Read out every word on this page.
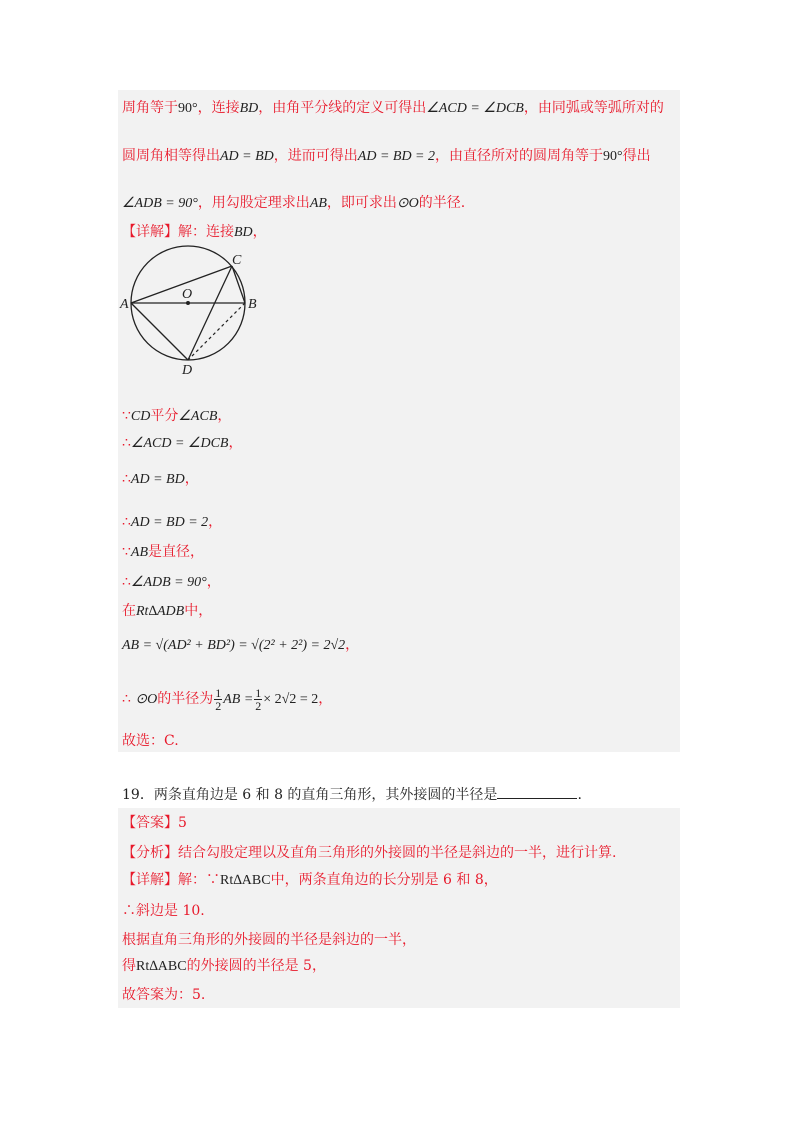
周角等于90°，连接BD，由角平分线的定义可得出∠ACD = ∠DCB，由同弧或等弧所对的
圆周角相等得出AD = BD，进而可得出AD = BD = 2，由直径所对的圆周角等于90°得出
∠ADB = 90°，用勾股定理求出AB，即可求出⊙O的半径.
【详解】解：连接BD，
A	B
C
D
O
∵CD平分∠ACB，
∴∠ACD = ∠DCB，
∴AD = BD，
∴AD = BD = 2，
∵AB是直径，
∴∠ADB = 90°，
在Rt∆ADB中，
AB = √(AD² + BD²) = √(2² + 2²) = 2√2，
∴ ⊙O的半径为 $\frac{1}{2}$ AB = $\frac{1}{2} \times 2√2 = 2$，
故选：C.
19．两条直角边是 6 和 8 的直角三角形，其外接圆的半径是	.
【答案】5
【分析】结合勾股定理以及直角三角形的外接圆的半径是斜边的一半，进行计算.
【详解】解：∵Rt∆ABC中，两条直角边的长分别是 6 和 8，
∴斜边是 10.
根据直角三角形的外接圆的半径是斜边的一半，
得Rt∆ABC的外接圆的半径是 5，
故答案为：5.
